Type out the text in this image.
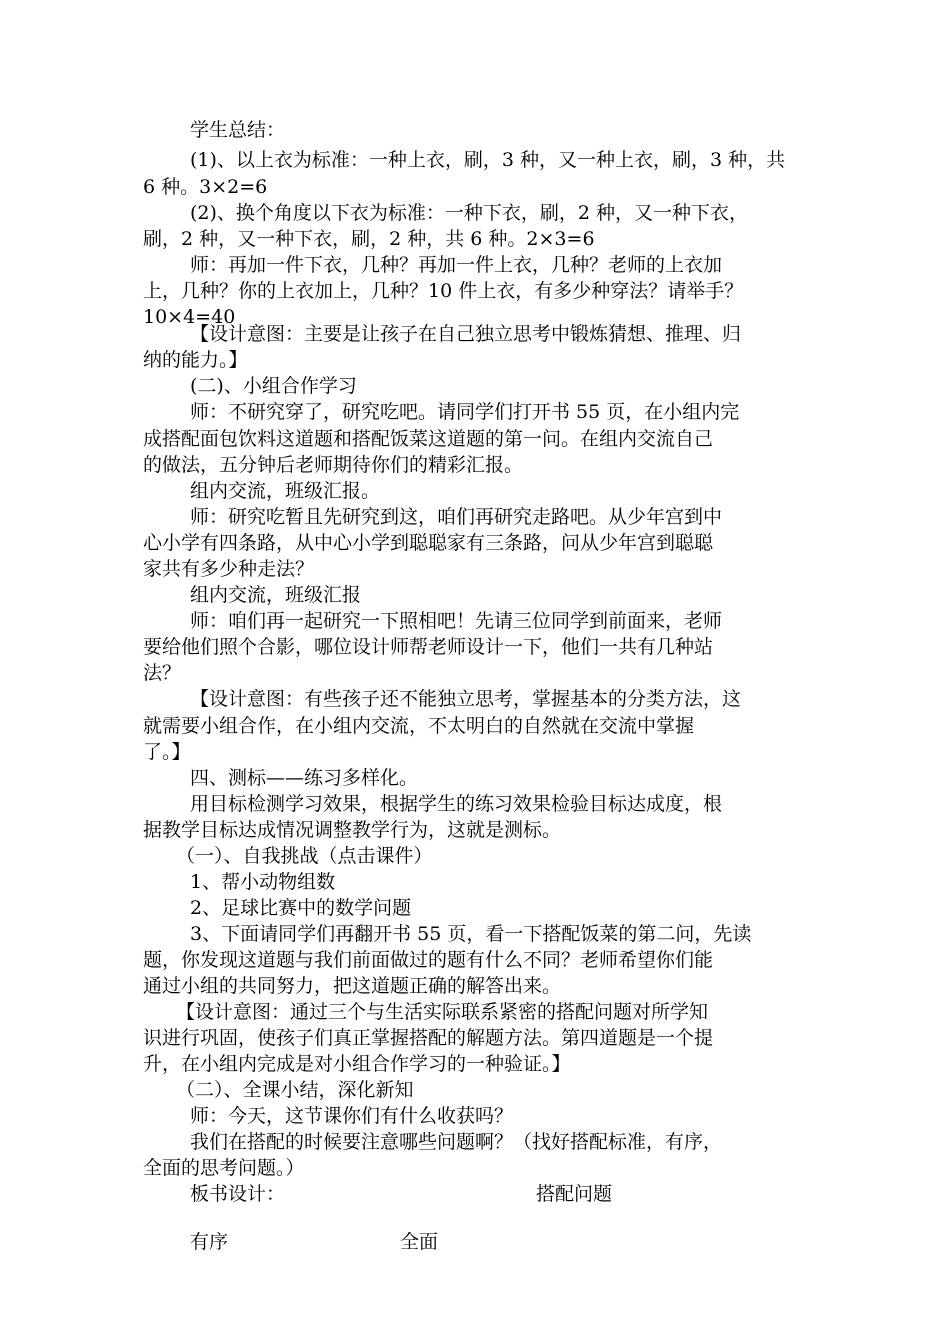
学生总结：
(1)、以上衣为标准：一种上衣，刷，3 种，又一种上衣，刷，3 种，共
6 种。3×2=6
(2)、换个角度以下衣为标准：一种下衣，刷，2 种，又一种下衣，
刷，2 种，又一种下衣，刷，2 种，共 6 种。2×3=6
师：再加一件下衣，几种？再加一件上衣，几种？老师的上衣加
上，几种？你的上衣加上，几种？10 件上衣，有多少种穿法？请举手？
10×4=40
【设计意图：主要是让孩子在自己独立思考中锻炼猜想、推理、归
纳的能力。】
(二)、小组合作学习
师：不研究穿了，研究吃吧。请同学们打开书 55 页，在小组内完
成搭配面包饮料这道题和搭配饭菜这道题的第一问。在组内交流自己
的做法，五分钟后老师期待你们的精彩汇报。
组内交流，班级汇报。
师：研究吃暂且先研究到这，咱们再研究走路吧。从少年宫到中
心小学有四条路，从中心小学到聪聪家有三条路，问从少年宫到聪聪
家共有多少种走法？
组内交流，班级汇报
师：咱们再一起研究一下照相吧！先请三位同学到前面来，老师
要给他们照个合影，哪位设计师帮老师设计一下，他们一共有几种站
法？
【设计意图：有些孩子还不能独立思考，掌握基本的分类方法，这
就需要小组合作，在小组内交流，不太明白的自然就在交流中掌握
了。】
四、测标——练习多样化。
用目标检测学习效果，根据学生的练习效果检验目标达成度，根
据教学目标达成情况调整教学行为，这就是测标。
（一）、自我挑战（点击课件）
1、帮小动物组数
2、足球比赛中的数学问题
3、下面请同学们再翻开书 55 页，看一下搭配饭菜的第二问，先读
题，你发现这道题与我们前面做过的题有什么不同？老师希望你们能
通过小组的共同努力，把这道题正确的解答出来。
【设计意图：通过三个与生活实际联系紧密的搭配问题对所学知
识进行巩固，使孩子们真正掌握搭配的解题方法。第四道题是一个提
升，在小组内完成是对小组合作学习的一种验证。】
（二）、全课小结，深化新知
师：今天，这节课你们有什么收获吗？
我们在搭配的时候要注意哪些问题啊？（找好搭配标准，有序，
全面的思考问题。）
板书设计：	搭配问题
有序	全面
